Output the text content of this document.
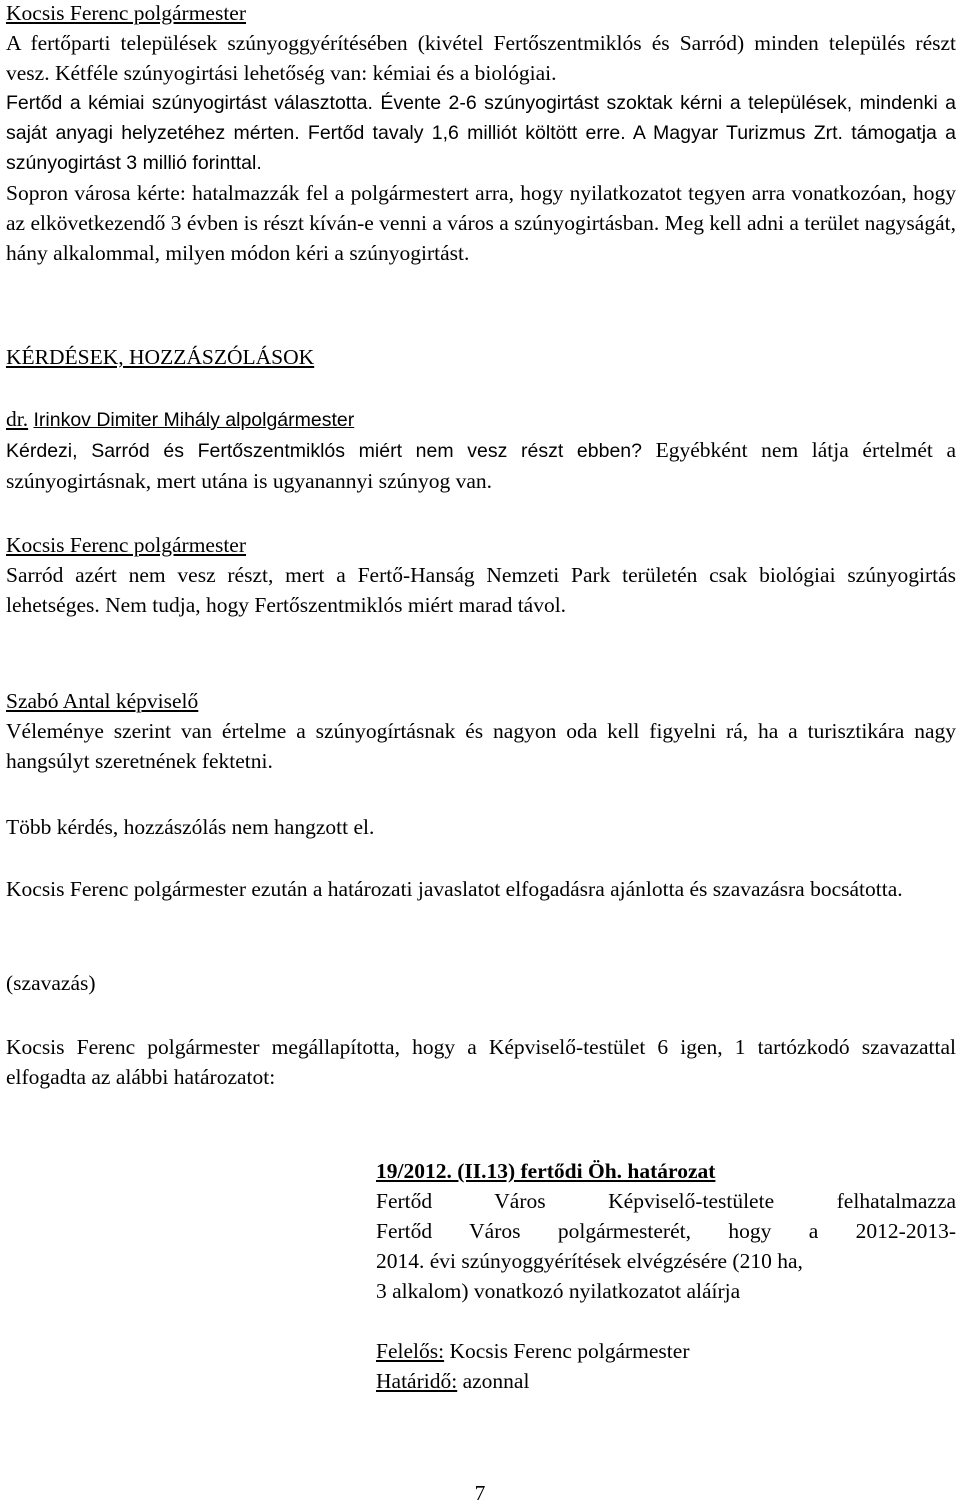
Kocsis Ferenc polgármester

A fertőparti települések szúnyoggyérítésében (kivétel Fertőszentmiklós és Sarród) minden település részt vesz. Kétféle szúnyogirtási lehetőség van: kémiai és a biológiai.

Fertőd a kémiai szúnyogirtást választotta. Évente 2-6 szúnyogirtást szoktak kérni a települések, mindenki a saját anyagi helyzetéhez mérten. Fertőd tavaly 1,6 milliót költött erre. A Magyar Turizmus Zrt. támogatja a szúnyogirtást 3 millió forinttal.

Sopron városa kérte: hatalmazzák fel a polgármestert arra, hogy nyilatkozatot tegyen arra vonatkozóan, hogy az elkövetkezendő 3 évben is részt kíván-e venni a város a szúnyogirtásban. Meg kell adni a terület nagyságát, hány alkalommal, milyen módon kéri a szúnyogirtást.

KÉRDÉSEK, HOZZÁSZÓLÁSOK

dr. Irinkov Dimiter Mihály alpolgármester

Kérdezi, Sarród és Fertőszentmiklós miért nem vesz részt ebben? Egyébként nem látja értelmét a szúnyogirtásnak, mert utána is ugyanannyi szúnyog van.

Kocsis Ferenc polgármester

Sarród azért nem vesz részt, mert a Fertő-Hanság Nemzeti Park területén csak biológiai szúnyogirtás lehetséges. Nem tudja, hogy Fertőszentmiklós miért marad távol.

Szabó Antal képviselő

Véleménye szerint van értelme a szúnyogírtásnak és nagyon oda kell figyelni rá, ha a turisztikára nagy hangsúlyt szeretnének fektetni.

Több kérdés, hozzászólás nem hangzott el.

Kocsis Ferenc polgármester ezután a határozati javaslatot elfogadásra ajánlotta és szavazásra bocsátotta.

(szavazás)

Kocsis Ferenc polgármester megállapította, hogy a Képviselő-testület 6 igen, 1 tartózkodó szavazattal elfogadta az alábbi határozatot:

19/2012. (II.13) fertődi Öh. határozat

Fertőd Város Képviselő-testülete felhatalmazza
Fertőd Város polgármesterét, hogy a 2012-2013-
2014. évi szúnyoggyérítések elvégzésére (210 ha,
3 alkalom) vonatkozó nyilatkozatot aláírja

Felelős: Kocsis Ferenc polgármester

Határidő: azonnal

7
